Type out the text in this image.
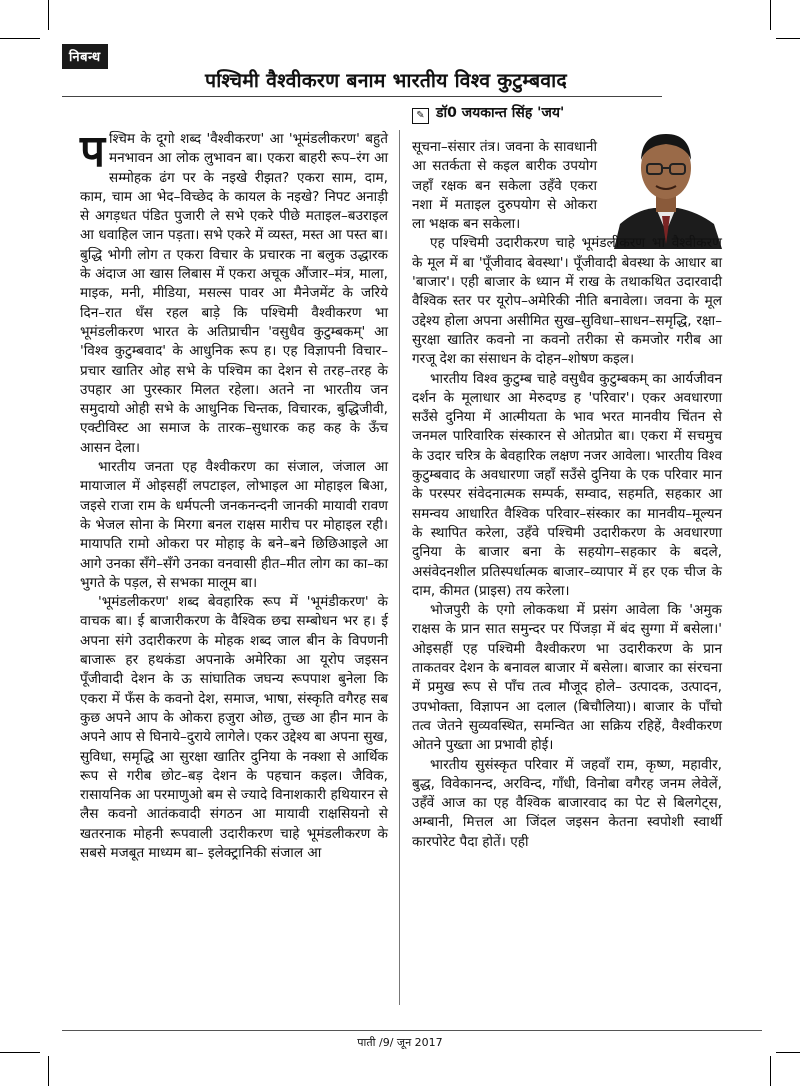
निबन्ध
पश्चिमी वैश्वीकरण बनाम भारतीय विश्व कुटुम्बवाद
✎ डॉ0 जयकान्त सिंह 'जय'

पश्चिम के दूगो शब्द 'वैश्वीकरण' आ 'भूमंडलीकरण' बहुते मनभावन आ लोक लुभावन बा। एकरा बाहरी रूप–रंग आ सम्मोहक ढंग पर के नइखे रीझत? एकरा साम, दाम, काम, चाम आ भेद–विच्छेद के कायल के नइखे? निपट अनाड़ी से अगड़धत पंडित पुजारी ले सभे एकरे पीछे मताइल–बउराइल आ धवाहिल जान पड़ता। सभे एकरे में व्यस्त, मस्त आ पस्त बा। बुद्धि भोगी लोग त एकरा विचार के प्रचारक ना बलुक उद्धारक के अंदाज आ खास लिबास में एकरा अचूक औंजार–मंत्र, माला, माइक, मनी, मीडिया, मसल्स पावर आ मैनेजमेंट के जरिये दिन–रात धँस रहल बाड़े कि पश्चिमी वैश्वीकरण भा भूमंडलीकरण भारत के अतिप्राचीन 'वसुधैव कुटुम्बकम्' आ 'विश्व कुटुम्बवाद' के आधुनिक रूप ह। एह विज्ञापनी विचार–प्रचार खातिर ओह सभे के पश्चिम का देशन से तरह–तरह के उपहार आ पुरस्कार मिलत रहेला। अतने ना भारतीय जन समुदायो ओही सभे के आधुनिक चिन्तक, विचारक, बुद्धिजीवी, एक्टीविस्ट आ समाज के तारक–सुधारक कह कह के ऊँच आसन देला।

भारतीय जनता एह वैश्वीकरण का संजाल, जंजाल आ मायाजाल में ओइसहीं लपटाइल, लोभाइल आ मोहाइल बिआ, जइसे राजा राम के धर्मपत्नी जनकनन्दनी जानकी मायावी रावण के भेजल सोना के मिरगा बनल राक्षस मारीच पर मोहाइल रही। मायापति रामो ओकरा पर मोहाइ के बने–बने छिछिआइले आ आगे उनका सँगे–सँगे उनका वनवासी हीत–मीत लोग का का–का भुगते के पड़ल, से सभका मालूम बा।

'भूमंडलीकरण' शब्द बेवहारिक रूप में 'भूमंडीकरण' के वाचक बा। ई बाजारीकरण के वैश्विक छद्म सम्बोधन भर ह। ई अपना संगे उदारीकरण के मोहक शब्द जाल बीन के विपणनी बाजारू हर हथकंडा अपनाके अमेरिका आ यूरोप जइसन पूँजीवादी देशन के ऊ सांघातिक जघन्य रूपपाश बुनेला कि एकरा में फँस के कवनो देश, समाज, भाषा, संस्कृति वगैरह सब कुछ अपने आप के ओकरा हजुरा ओछ, तुच्छ आ हीन मान के अपने आप से घिनाये–दुराये लागेले। एकर उद्देश्य बा अपना सुख, सुविधा, समृद्धि आ सुरक्षा खातिर दुनिया के नक्शा से आर्थिक रूप से गरीब छोट–बड़ देशन के पहचान कइल। जैविक, रासायनिक आ परमाणुओ बम से ज्यादे विनाशकारी हथियारन से लैस कवनो आतंकवादी संगठन आ मायावी राक्षसियनो से खतरनाक मोहनी रूपवाली उदारीकरण चाहे भूमंडलीकरण के सबसे मजबूत माध्यम बा– इलेक्ट्रानिकी संजाल आ

सूचना–संसार तंत्र। जवना के सावधानी आ सतर्कता से कइल बारीक उपयोग जहाँ रक्षक बन सकेला उहँवे एकरा नशा में मताइल दुरुपयोग से ओकरा ला भक्षक बन सकेला।

एह पश्चिमी उदारीकरण चाहे भूमंडलीकरण भा वैश्वीकरण के मूल में बा 'पूँजीवाद बेवस्था'। पूँजीवादी बेवस्था के आधार बा 'बाजार'। एही बाजार के ध्यान में राख के तथाकथित उदारवादी वैश्विक स्तर पर यूरोप–अमेरिकी नीति बनावेला। जवना के मूल उद्देश्य होला अपना असीमित सुख–सुविधा–साधन–समृद्धि, रक्षा–सुरक्षा खातिर कवनो ना कवनो तरीका से कमजोर गरीब आ गरजू देश का संसाधन के दोहन–शोषण कइल।

भारतीय विश्व कुटुम्ब चाहे वसुधैव कुटुम्बकम् का आर्यजीवन दर्शन के मूलाधार आ मेरुदण्ड ह 'परिवार'। एकर अवधारणा सउँसे दुनिया में आत्मीयता के भाव भरत मानवीय चिंतन से जनमल पारिवारिक संस्कारन से ओतप्रोत बा। एकरा में सचमुच के उदार चरित्र के बेवहारिक लक्षण नजर आवेला। भारतीय विश्व कुटुम्बवाद के अवधारणा जहाँ सउँसे दुनिया के एक परिवार मान के परस्पर संवेदनात्मक सम्पर्क, सम्वाद, सहमति, सहकार आ समन्वय आधारित वैश्विक परिवार–संस्कार का मानवीय–मूल्यन के स्थापित करेला, उहँवे पश्चिमी उदारीकरण के अवधारणा दुनिया के बाजार बना के सहयोग–सहकार के बदले, असंवेदनशील प्रतिस्पर्धात्मक बाजार–व्यापार में हर एक चीज के दाम, कीमत (प्राइस) तय करेला।

भोजपुरी के एगो लोककथा में प्रसंग आवेला कि 'अमुक राक्षस के प्रान सात समुन्दर पर पिंजड़ा में बंद सुग्गा में बसेला।' ओइसहीं एह पश्चिमी वैश्वीकरण भा उदारीकरण के प्रान ताकतवर देशन के बनावल बाजार में बसेला। बाजार का संरचना में प्रमुख रूप से पाँच तत्व मौजूद होले– उत्पादक, उत्पादन, उपभोक्ता, विज्ञापन आ दलाल (बिचौलिया)। बाजार के पाँचो तत्व जेतने सुव्यवस्थित, समन्वित आ सक्रिय रहिहें, वैश्वीकरण ओतने पुख्ता आ प्रभावी होई।

भारतीय सुसंस्कृत परिवार में जहवाँ राम, कृष्ण, महावीर, बुद्ध, विवेकानन्द, अरविन्द, गाँधी, विनोबा वगैरह जनम लेवेलें, उहँवें आज का एह वैश्विक बाजारवाद का पेट से बिलगेट्स, अम्बानी, मित्तल आ जिंदल जइसन केतना स्वपोशी स्वार्थी कारपोरेट पैदा होतें। एही

पाती /9/ जून 2017
